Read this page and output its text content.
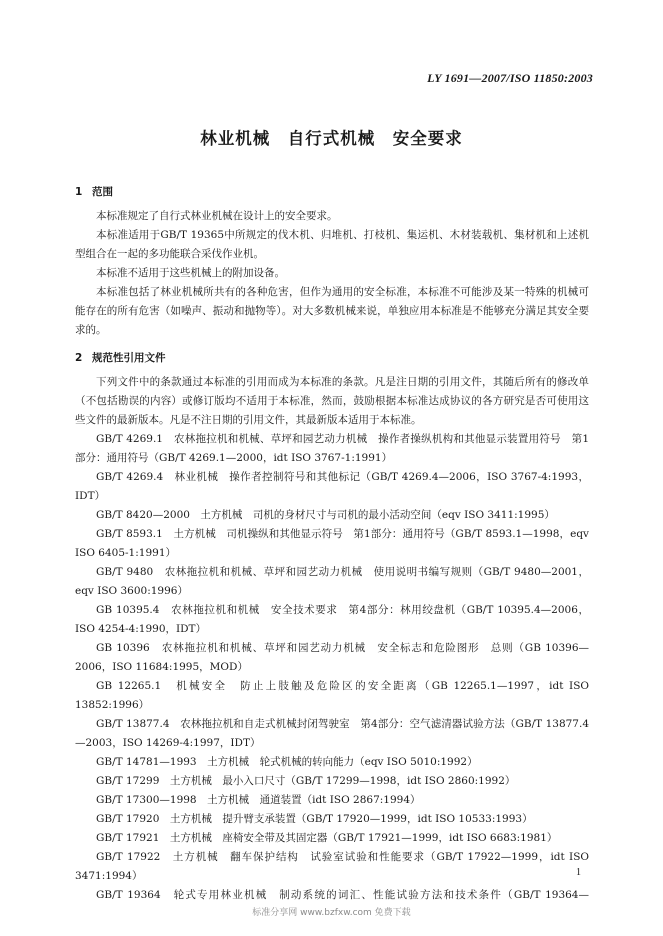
LY 1691—2007/ISO 11850:2003
林业机械　自行式机械　安全要求
1 范围

本标准规定了自行式林业机械在设计上的安全要求。

本标准适用于GB/T 19365中所规定的伐木机、归堆机、打枝机、集运机、木材装载机、集材机和上述机型组合在一起的多功能联合采伐作业机。

本标准不适用于这些机械上的附加设备。

本标准包括了林业机械所共有的各种危害，但作为通用的安全标准，本标准不可能涉及某一特殊的机械可能存在的所有危害（如噪声、振动和抛物等）。对大多数机械来说，单独应用本标准是不能够充分满足其安全要求的。

2 规范性引用文件

下列文件中的条款通过本标准的引用而成为本标准的条款。凡是注日期的引用文件，其随后所有的修改单（不包括勘误的内容）或修订版均不适用于本标准，然而，鼓励根据本标准达成协议的各方研究是否可使用这些文件的最新版本。凡是不注日期的引用文件，其最新版本适用于本标准。

GB/T 4269.1　农林拖拉机和机械、草坪和园艺动力机械　操作者操纵机构和其他显示装置用符号　第1部分：通用符号（GB/T 4269.1—2000，idt ISO 3767-1:1991）

GB/T 4269.4　林业机械　操作者控制符号和其他标记（GB/T 4269.4—2006，ISO 3767-4:1993，IDT）

GB/T 8420—2000　土方机械　司机的身材尺寸与司机的最小活动空间（eqv ISO 3411:1995）

GB/T 8593.1　土方机械　司机操纵和其他显示符号　第1部分：通用符号（GB/T 8593.1—1998，eqv ISO 6405-1:1991）

GB/T 9480　农林拖拉机和机械、草坪和园艺动力机械　使用说明书编写规则（GB/T 9480—2001，eqv ISO 3600:1996）

GB 10395.4　农林拖拉机和机械　安全技术要求　第4部分：林用绞盘机（GB/T 10395.4—2006，ISO 4254-4:1990，IDT）

GB 10396　农林拖拉机和机械、草坪和园艺动力机械　安全标志和危险图形　总则（GB 10396—2006，ISO 11684:1995，MOD）

GB 12265.1　机械安全　防止上肢触及危险区的安全距离（GB 12265.1—1997，idt ISO 13852:1996）

GB/T 13877.4　农林拖拉机和自走式机械封闭驾驶室　第4部分：空气滤清器试验方法（GB/T 13877.4—2003，ISO 14269-4:1997，IDT）

GB/T 14781—1993　土方机械　轮式机械的转向能力（eqv ISO 5010:1992）

GB/T 17299　土方机械　最小入口尺寸（GB/T 17299—1998，idt ISO 2860:1992）

GB/T 17300—1998　土方机械　通道装置（idt ISO 2867:1994）

GB/T 17920　土方机械　提升臂支承装置（GB/T 17920—1999，idt ISO 10533:1993）

GB/T 17921　土方机械　座椅安全带及其固定器（GB/T 17921—1999，idt ISO 6683:1981）

GB/T 17922　土方机械　翻车保护结构　试验室试验和性能要求（GB/T 17922—1999，idt ISO 3471:1994）

GB/T 19364　轮式专用林业机械　制动系统的词汇、性能试验方法和技术条件（GB/T 19364—

1
标准分享网 www.bzfxw.com 免费下载
